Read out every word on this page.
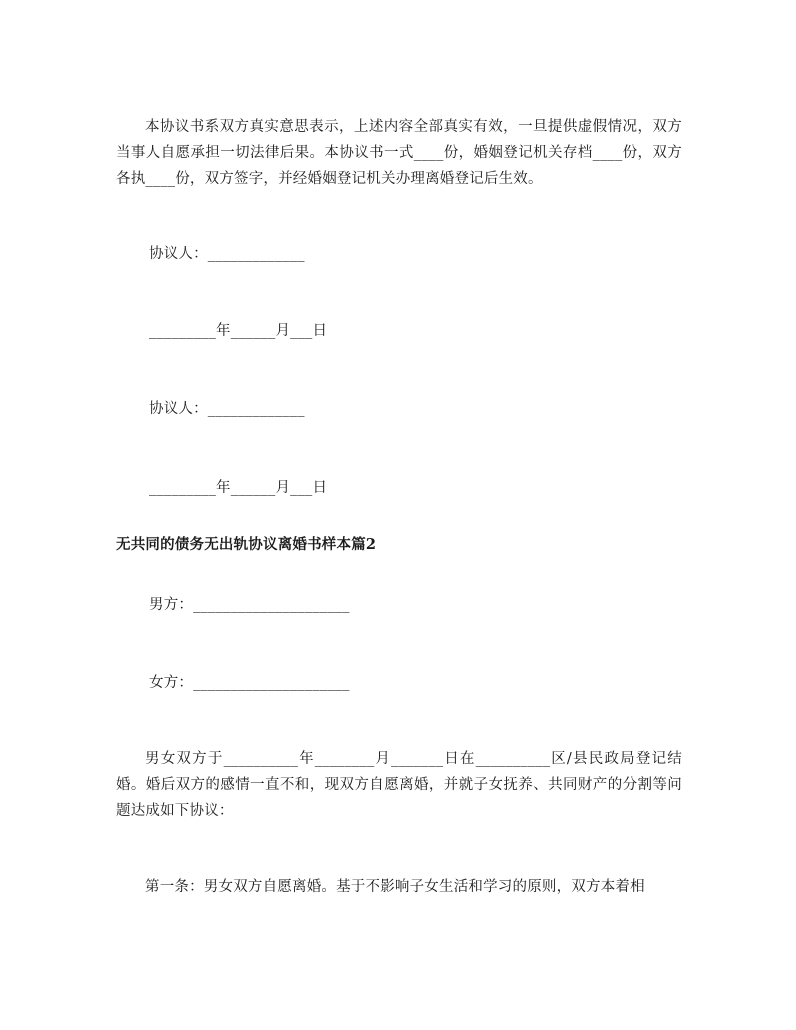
本协议书系双方真实意思表示，上述内容全部真实有效，一旦提供虚假情况，双方当事人自愿承担一切法律后果。本协议书一式____份，婚姻登记机关存档____份，双方各执____份，双方签字，并经婚姻登记机关办理离婚登记后生效。

协议人：_____________

_________年______月___日

协议人：_____________

_________年______月___日

无共同的债务无出轨协议离婚书样本篇2

男方：_____________________

女方：_____________________

男女双方于__________年________月_______日在__________区/县民政局登记结婚。婚后双方的感情一直不和，现双方自愿离婚，并就子女抚养、共同财产的分割等问题达成如下协议：

第一条：男女双方自愿离婚。基于不影响子女生活和学习的原则，双方本着相
